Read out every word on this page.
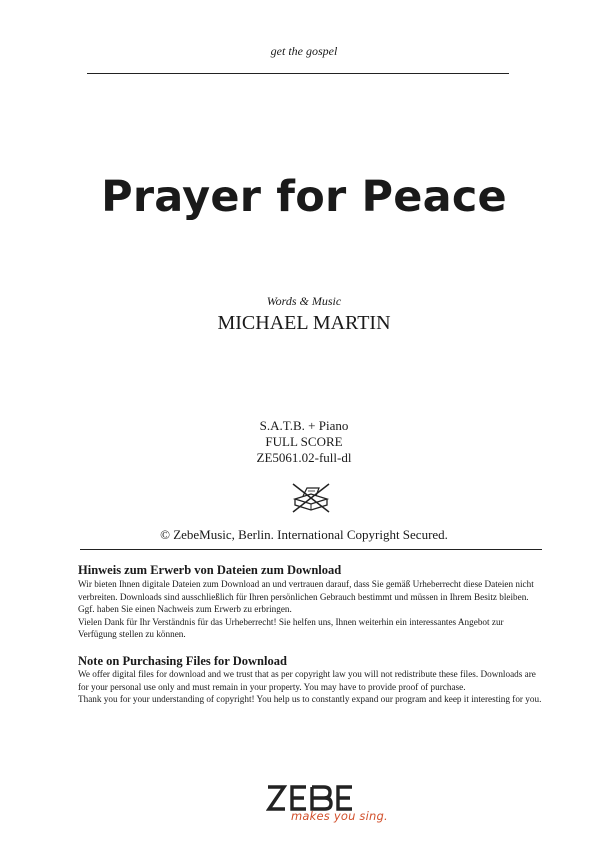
get the gospel
Prayer for Peace
Words & Music
MICHAEL MARTIN
S.A.T.B. + Piano
FULL SCORE
ZE5061.02-full-dl
© ZebeMusic, Berlin. International Copyright Secured.
Hinweis zum Erwerb von Dateien zum Download
Wir bieten Ihnen digitale Dateien zum Download an und vertrauen darauf, dass Sie gemäß Urheberrecht diese Dateien nicht
verbreiten. Downloads sind ausschließlich für Ihren persönlichen Gebrauch bestimmt und müssen in Ihrem Besitz bleiben.
Ggf. haben Sie einen Nachweis zum Erwerb zu erbringen.
Vielen Dank für Ihr Verständnis für das Urheberrecht! Sie helfen uns, Ihnen weiterhin ein interessantes Angebot zur
Verfügung stellen zu können.
Note on Purchasing Files for Download
We offer digital files for download and we trust that as per copyright law you will not redistribute these files. Downloads are
for your personal use only and must remain in your property. You may have to provide proof of purchase.
Thank you for your understanding of copyright! You help us to constantly expand our program and keep it interesting for you.
makes you sing.
